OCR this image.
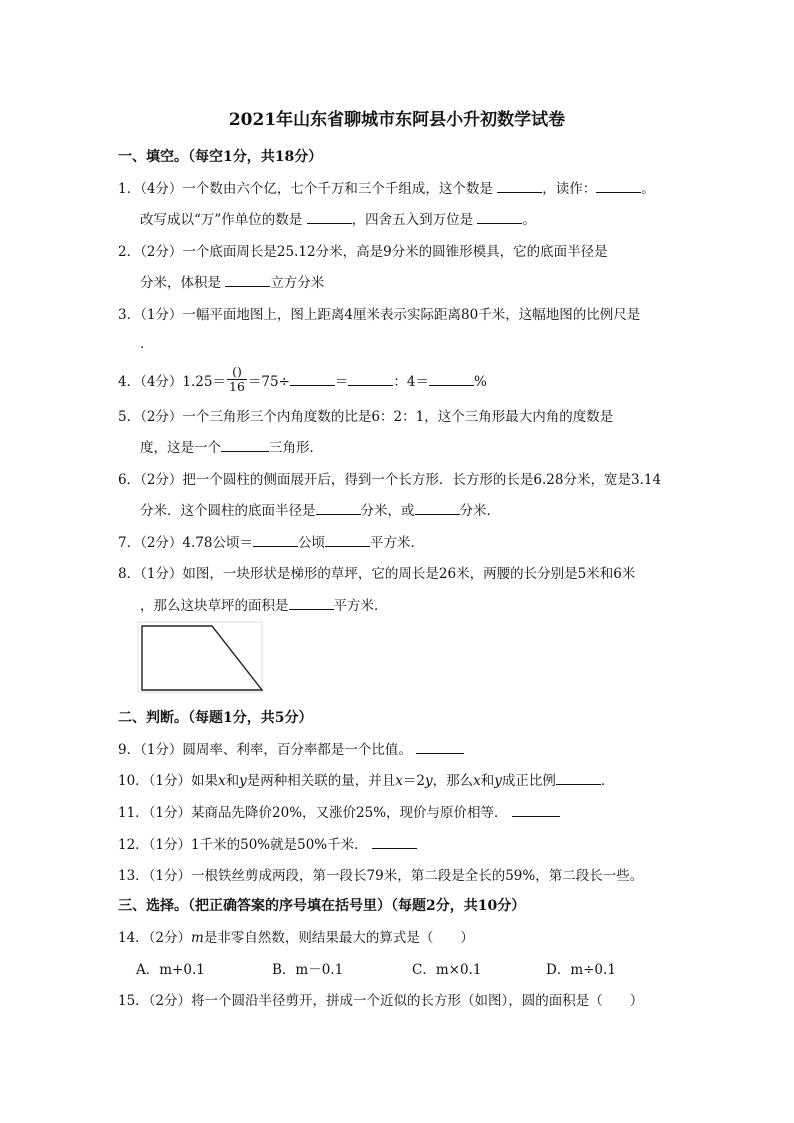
2021年山东省聊城市东阿县小升初数学试卷
一、填空。（每空1分，共18分）
1．（4分）一个数由六个亿，七个千万和三个千组成，这个数是	，读作：	。
改写成以“万”作单位的数是	，四舍五入到万位是	。
2．（2分）一个底面周长是25.12分米，高是9分米的圆锥形模具，它的底面半径是
分米，体积是	立方分米
3．（1分）一幅平面地图上，图上距离4厘米表示实际距离80千米，这幅地图的比例尺是
．
4．（4分）$1.25= \frac{()}{16} =75\div$	＝	：4＝	%
5．（2分）一个三角形三个内角度数的比是6：2：1，这个三角形最大内角的度数是
度，这是一个	三角形．
6．（2分）把一个圆柱的侧面展开后，得到一个长方形．长方形的长是6.28分米，宽是3.14
分米．这个圆柱的底面半径是	分米，或	分米．
7．（2分）4.78公顷＝	公顷	平方米．
8．（1分）如图，一块形状是梯形的草坪，它的周长是26米，两腰的长分别是5米和6米
，那么这块草坪的面积是	平方米．
二、判断。（每题1分，共5分）
9．（1分）圆周率、利率，百分率都是一个比值。
10．（1分）如果x和y是两种相关联的量，并且x＝2y，那么x和y成正比例	．
11．（1分）某商品先降价20%，又涨价25%，现价与原价相等．
12．（1分）1千米的50%就是50%千米．
13．（1分）一根铁丝剪成两段，第一段长79米，第二段是全长的59%，第二段长一些。
三、选择。（把正确答案的序号填在括号里）（每题2分，共10分）
14．（2分）m是非零自然数，则结果最大的算式是（　　）
A．m+0.1	B．m－0.1	C．m×0.1	D．m÷0.1
15．（2分）将一个圆沿半径剪开，拼成一个近似的长方形（如图），圆的面积是（　　）
